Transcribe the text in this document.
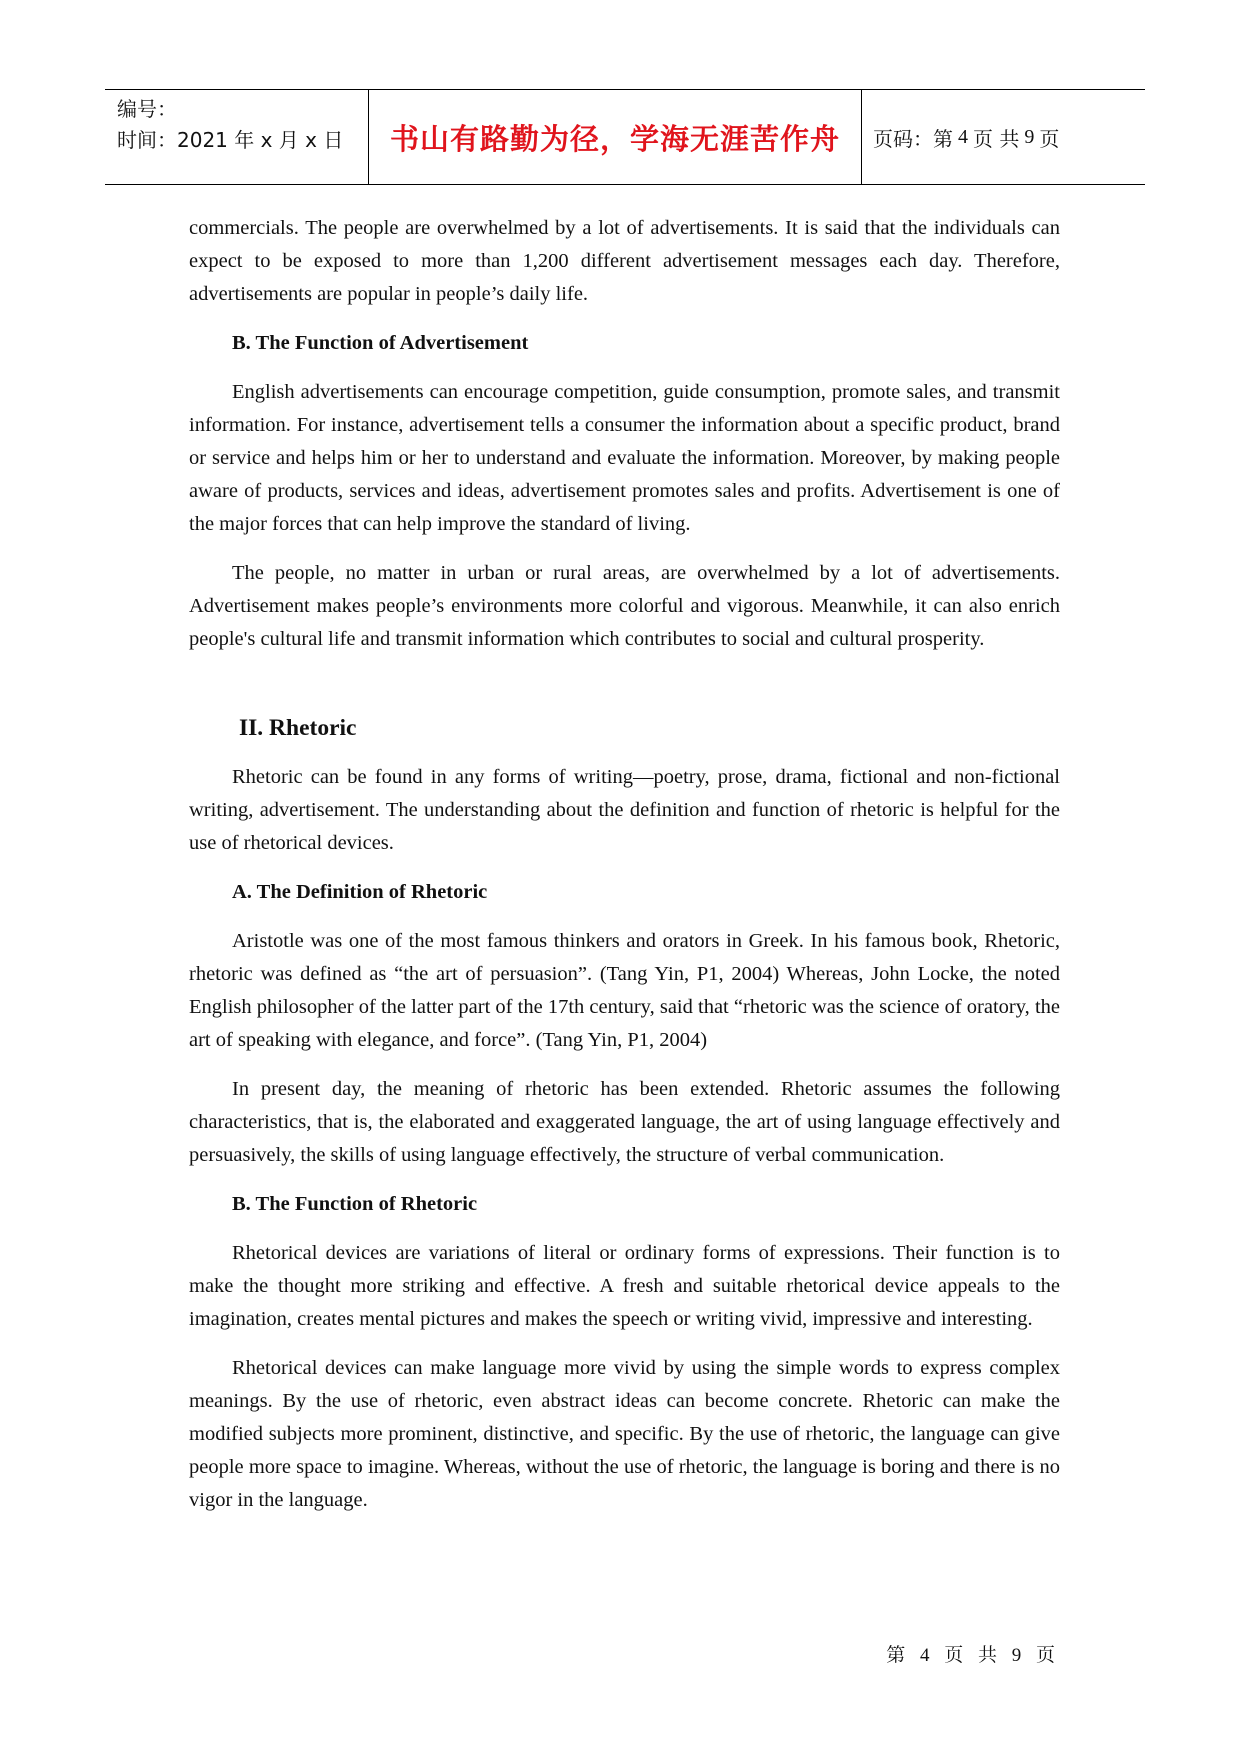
编号：
时间：2021 年 x 月 x 日	书山有路勤为径，学海无涯苦作舟	页码：第 4 页 共 9 页

commercials. The people are overwhelmed by a lot of advertisements. It is said that the individuals can expect to be exposed to more than 1,200 different advertisement messages each day. Therefore, advertisements are popular in people’s daily life.

B. The Function of Advertisement

English advertisements can encourage competition, guide consumption, promote sales, and transmit information. For instance, advertisement tells a consumer the information about a specific product, brand or service and helps him or her to understand and evaluate the information. Moreover, by making people aware of products, services and ideas, advertisement promotes sales and profits. Advertisement is one of the major forces that can help improve the standard of living.

The people, no matter in urban or rural areas, are overwhelmed by a lot of advertisements. Advertisement makes people’s environments more colorful and vigorous. Meanwhile, it can also enrich people's cultural life and transmit information which contributes to social and cultural prosperity.

II. Rhetoric

Rhetoric can be found in any forms of writing—poetry, prose, drama, fictional and non-fictional writing, advertisement. The understanding about the definition and function of rhetoric is helpful for the use of rhetorical devices.

A. The Definition of Rhetoric

Aristotle was one of the most famous thinkers and orators in Greek. In his famous book, Rhetoric, rhetoric was defined as “the art of persuasion”. (Tang Yin, P1, 2004) Whereas, John Locke, the noted English philosopher of the latter part of the 17th century, said that “rhetoric was the science of oratory, the art of speaking with elegance, and force”. (Tang Yin, P1, 2004)

In present day, the meaning of rhetoric has been extended. Rhetoric assumes the following characteristics, that is, the elaborated and exaggerated language, the art of using language effectively and persuasively, the skills of using language effectively, the structure of verbal communication.

B. The Function of Rhetoric

Rhetorical devices are variations of literal or ordinary forms of expressions. Their function is to make the thought more striking and effective. A fresh and suitable rhetorical device appeals to the imagination, creates mental pictures and makes the speech or writing vivid, impressive and interesting.

Rhetorical devices can make language more vivid by using the simple words to express complex meanings. By the use of rhetoric, even abstract ideas can become concrete. Rhetoric can make the modified subjects more prominent, distinctive, and specific. By the use of rhetoric, the language can give people more space to imagine. Whereas, without the use of rhetoric, the language is boring and there is no vigor in the language.

第 4 页 共 9 页
